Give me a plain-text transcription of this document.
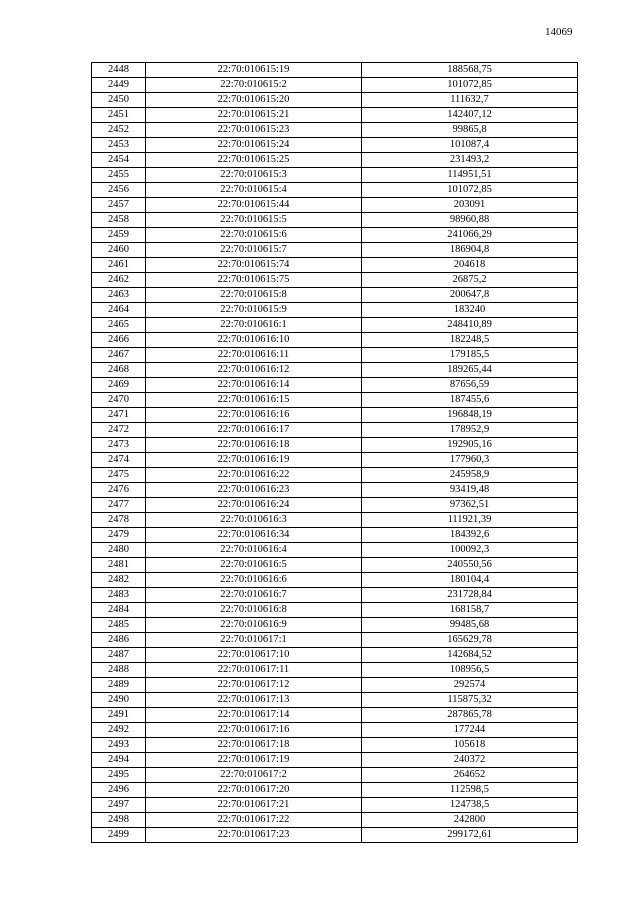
14069
2448	22:70:010615:19	188568,75
2449	22:70:010615:2	101072,85
2450	22:70:010615:20	111632,7
2451	22:70:010615:21	142407,12
2452	22:70:010615:23	99865,8
2453	22:70:010615:24	101087,4
2454	22:70:010615:25	231493,2
2455	22:70:010615:3	114951,51
2456	22:70:010615:4	101072,85
2457	22:70:010615:44	203091
2458	22:70:010615:5	98960,88
2459	22:70:010615:6	241066,29
2460	22:70:010615:7	186904,8
2461	22:70:010615:74	204618
2462	22:70:010615:75	26875,2
2463	22:70:010615:8	200647,8
2464	22:70:010615:9	183240
2465	22:70:010616:1	248410,89
2466	22:70:010616:10	182248,5
2467	22:70:010616:11	179185,5
2468	22:70:010616:12	189265,44
2469	22:70:010616:14	87656,59
2470	22:70:010616:15	187455,6
2471	22:70:010616:16	196848,19
2472	22:70:010616:17	178952,9
2473	22:70:010616:18	192905,16
2474	22:70:010616:19	177960,3
2475	22:70:010616:22	245958,9
2476	22:70:010616:23	93419,48
2477	22:70:010616:24	97362,51
2478	22:70:010616:3	111921,39
2479	22:70:010616:34	184392,6
2480	22:70:010616:4	100092,3
2481	22:70:010616:5	240550,56
2482	22:70:010616:6	180104,4
2483	22:70:010616:7	231728,84
2484	22:70:010616:8	168158,7
2485	22:70:010616:9	99485,68
2486	22:70:010617:1	165629,78
2487	22:70:010617:10	142684,52
2488	22:70:010617:11	108956,5
2489	22:70:010617:12	292574
2490	22:70:010617:13	115875,32
2491	22:70:010617:14	287865,78
2492	22:70:010617:16	177244
2493	22:70:010617:18	105618
2494	22:70:010617:19	240372
2495	22:70:010617:2	264652
2496	22:70:010617:20	112598,5
2497	22:70:010617:21	124738,5
2498	22:70:010617:22	242800
2499	22:70:010617:23	299172,61
